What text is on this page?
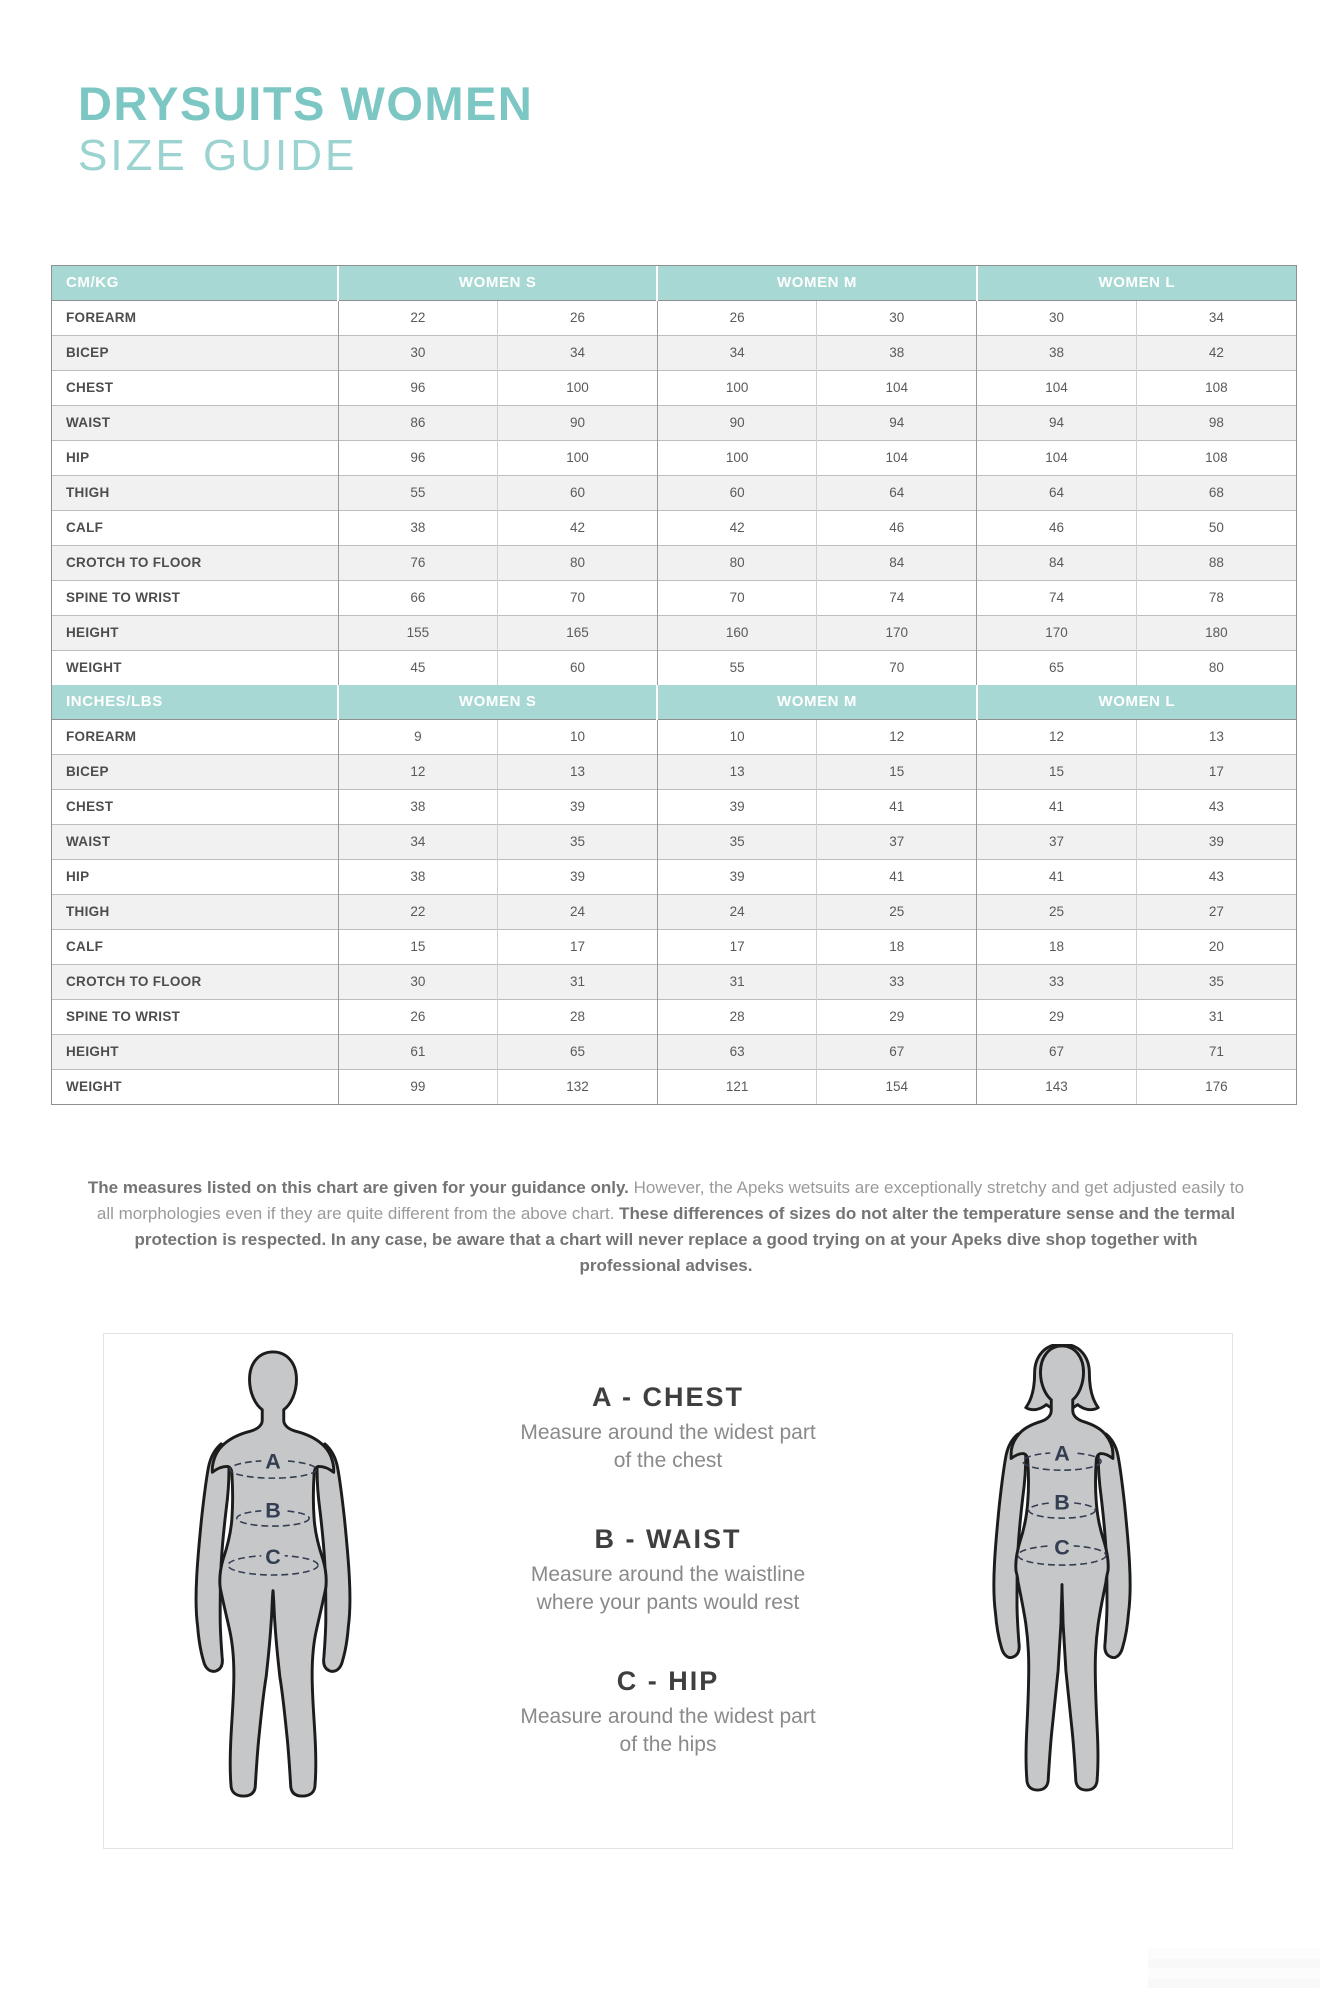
DRYSUITS WOMEN
SIZE GUIDE
CM/KG	WOMEN S		WOMEN M		WOMEN L	
FOREARM	22	26	26	30	30	34
BICEP	30	34	34	38	38	42
CHEST	96	100	100	104	104	108
WAIST	86	90	90	94	94	98
HIP	96	100	100	104	104	108
THIGH	55	60	60	64	64	68
CALF	38	42	42	46	46	50
CROTCH TO FLOOR	76	80	80	84	84	88
SPINE TO WRIST	66	70	70	74	74	78
HEIGHT	155	165	160	170	170	180
WEIGHT	45	60	55	70	65	80
INCHES/LBS	WOMEN S		WOMEN M		WOMEN L	
FOREARM	9	10	10	12	12	13
BICEP	12	13	13	15	15	17
CHEST	38	39	39	41	41	43
WAIST	34	35	35	37	37	39
HIP	38	39	39	41	41	43
THIGH	22	24	24	25	25	27
CALF	15	17	17	18	18	20
CROTCH TO FLOOR	30	31	31	33	33	35
SPINE TO WRIST	26	28	28	29	29	31
HEIGHT	61	65	63	67	67	71
WEIGHT	99	132	121	154	143	176

The measures listed on this chart are given for your guidance only. However, the Apeks wetsuits are exceptionally stretchy and get adjusted easily to all morphologies even if they are quite different from the above chart. These differences of sizes do not alter the temperature sense and the termal protection is respected. In any case, be aware that a chart will never replace a good trying on at your Apeks dive shop together with professional advises.

A
B
C
A - CHEST
Measure around the widest part
of the chest
B - WAIST
Measure around the waistline
where your pants would rest
C - HIP
Measure around the widest part
of the hips
A
B
C
